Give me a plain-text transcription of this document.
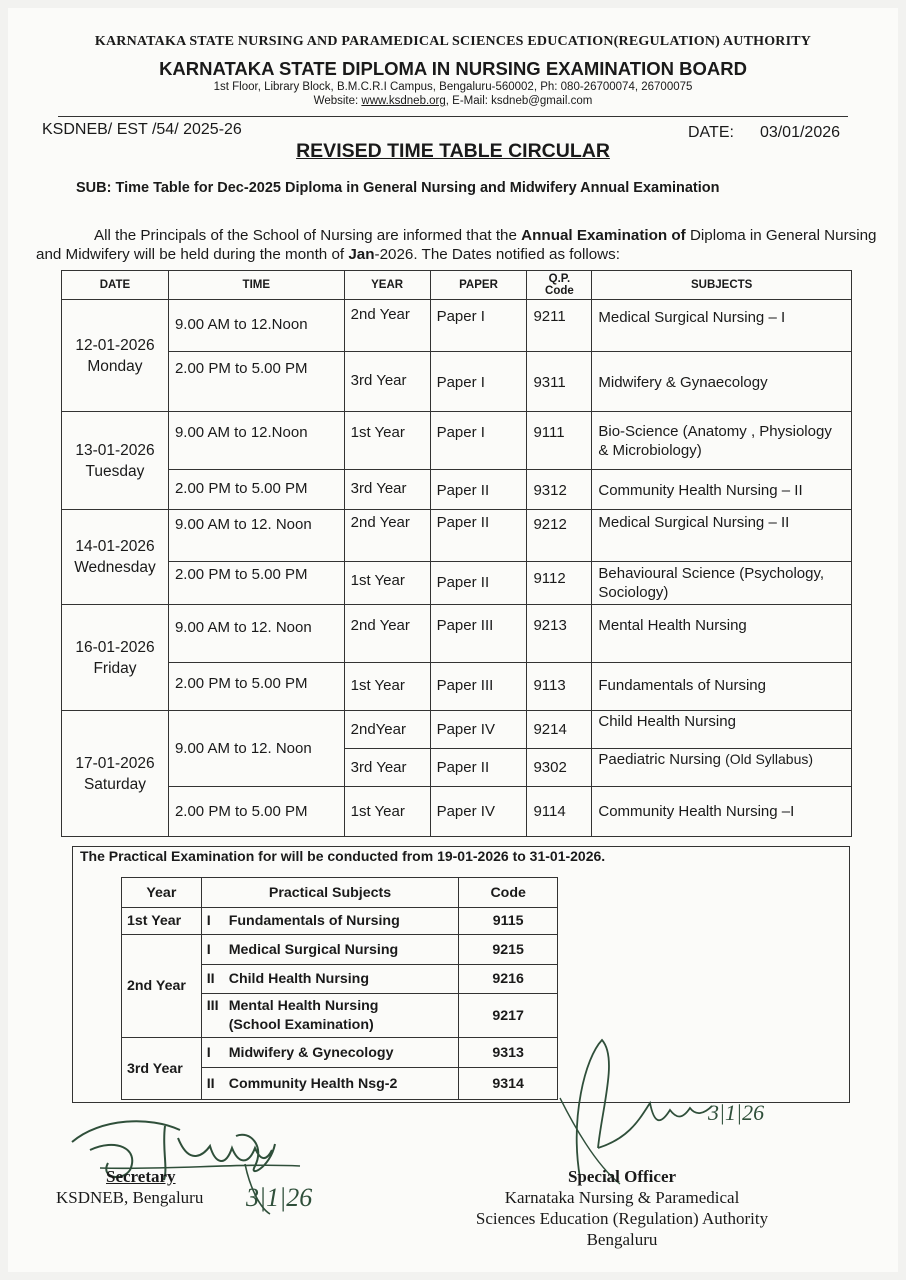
KARNATAKA STATE NURSING AND PARAMEDICAL SCIENCES EDUCATION(REGULATION) AUTHORITY
KARNATAKA STATE DIPLOMA IN NURSING EXAMINATION BOARD
1st Floor, Library Block, B.M.C.R.I Campus, Bengaluru-560002, Ph: 080-26700074, 26700075
Website: www.ksdneb.org, E-Mail: ksdneb@gmail.com
KSDNEB/ EST /54/ 2025-26	DATE: 03/01/2026
REVISED TIME TABLE CIRCULAR
SUB: Time Table for Dec-2025 Diploma in General Nursing and Midwifery Annual Examination
All the Principals of the School of Nursing are informed that the Annual Examination of Diploma in General Nursing and Midwifery will be held during the month of Jan-2026. The Dates notified as follows:
DATE	TIME	YEAR	PAPER	Q.P. Code	SUBJECTS

12-01-2026
Monday	9.00 AM to 12.Noon	2nd Year	Paper I	9211	Medical Surgical Nursing – I
	2.00 PM to 5.00 PM	3rd Year	Paper I	9311	Midwifery & Gynaecology

13-01-2026
Tuesday	9.00 AM to 12.Noon	1st Year	Paper I	9111	Bio-Science (Anatomy , Physiology & Microbiology)
	2.00 PM to 5.00 PM	3rd Year	Paper II	9312	Community Health Nursing – II

14-01-2026
Wednesday	9.00 AM to 12. Noon	2nd Year	Paper II	9212	Medical Surgical Nursing – II
	2.00 PM to 5.00 PM	1st Year	Paper II	9112	Behavioural Science (Psychology, Sociology)

16-01-2026
Friday	9.00 AM to 12. Noon	2nd Year	Paper III	9213	Mental Health Nursing
	2.00 PM to 5.00 PM	1st Year	Paper III	9113	Fundamentals of Nursing

17-01-2026
Saturday	9.00 AM to 12. Noon	2ndYear	Paper IV	9214	Child Health Nursing
		3rd Year	Paper II	9302	Paediatric Nursing (Old Syllabus)
	2.00 PM to 5.00 PM	1st Year	Paper IV	9114	Community Health Nursing –I
The Practical Examination for will be conducted from 19-01-2026 to 31-01-2026.
Year	Practical Subjects	Code
1st Year	I Fundamentals of Nursing	9115
2nd Year	I Medical Surgical Nursing	9215
	II Child Health Nursing	9216
	III Mental Health Nursing (School Examination)	9217
3rd Year	I Midwifery & Gynecology	9313
	II Community Health Nsg-2	9314
3|1|26
3|1|26
Secretary
KSDNEB, Bengaluru
Special Officer
Karnataka Nursing & Paramedical
Sciences Education (Regulation) Authority
Bengaluru
